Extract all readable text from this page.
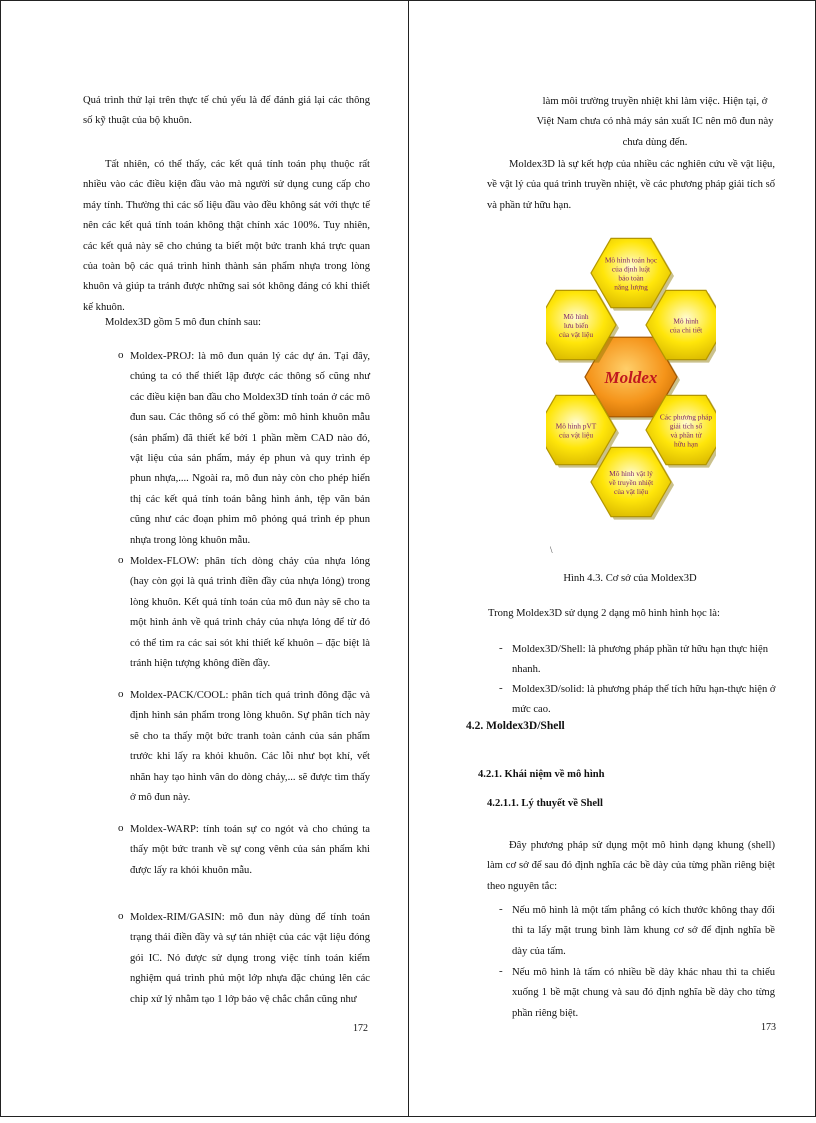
Quá trình thử lại trên thực tế chủ yếu là để đánh giá lại các thông số kỹ thuật của bộ khuôn.

Tất nhiên, có thể thấy, các kết quả tính toán phụ thuộc rất nhiều vào các điều kiện đầu vào mà người sử dụng cung cấp cho máy tính. Thường thì các số liệu đầu vào đều không sát với thực tế nên các kết quả tính toán không thật chính xác 100%. Tuy nhiên, các kết quả này sẽ cho chúng ta biết một bức tranh khá trực quan của toàn bộ các quá trình hình thành sản phẩm nhựa trong lòng khuôn và giúp ta tránh được những sai sót không đáng có khi thiết kế khuôn.

Moldex3D gồm 5 mô đun chính sau:

o Moldex-PROJ: là mô đun quản lý các dự án. Tại đây, chúng ta có thể thiết lập được các thông số cũng như các điều kiện ban đầu cho Moldex3D tính toán ở các mô đun sau. Các thông số có thể gồm: mô hình khuôn mẫu (sản phẩm) đã thiết kế bởi 1 phần mềm CAD nào đó, vật liệu của sản phẩm, máy ép phun và quy trình ép phun nhựa,.... Ngoài ra, mô đun này còn cho phép hiển thị các kết quả tính toán bằng hình ảnh, tệp văn bản cũng như các đoạn phim mô phỏng quá trình ép phun nhựa trong lòng khuôn mẫu.

o Moldex-FLOW: phân tích dòng chảy của nhựa lỏng (hay còn gọi là quá trình điền đầy của nhựa lỏng) trong lòng khuôn. Kết quả tính toán của mô đun này sẽ cho ta một hình ảnh về quá trình chảy của nhựa lỏng để từ đó có thể tìm ra các sai sót khi thiết kế khuôn – đặc biệt là tránh hiện tượng không điền đầy.

o Moldex-PACK/COOL: phân tích quá trình đông đặc và định hình sản phẩm trong lòng khuôn. Sự phân tích này sẽ cho ta thấy một bức tranh toàn cảnh của sản phẩm trước khi lấy ra khỏi khuôn. Các lỗi như bọt khí, vết nhăn hay tạo hình vân do dòng chảy,... sẽ được tìm thấy ở mô đun này.

o Moldex-WARP: tính toán sự co ngót và cho chúng ta thấy một bức tranh về sự cong vênh của sản phẩm khi được lấy ra khỏi khuôn mẫu.

o Moldex-RIM/GASIN: mô đun này dùng để tính toán trạng thái điền đầy và sự tản nhiệt của các vật liệu đóng gói IC. Nó được sử dụng trong việc tính toán kiểm nghiệm quá trình phủ một lớp nhựa đặc chúng lên các chip xử lý nhằm tạo 1 lớp bảo vệ chắc chắn cũng như

172

làm môi trường truyền nhiệt khi làm việc. Hiện tại, ở Việt Nam chưa có nhà máy sản xuất IC nên mô đun này chưa dùng đến.

Moldex3D là sự kết hợp của nhiều các nghiên cứu về vật liệu, về vật lý của quá trình truyền nhiệt, về các phương pháp giải tích số và phần tử hữu hạn.

Moldex
Mô hình toán học của định luật bảo toàn năng lượng
Mô hình lưu biến của vật liệu
Mô hình của chi tiết
Mô hình pVT của vật liệu
Các phương pháp giải tích số và phần tử hữu hạn
Mô hình vật lý về truyền nhiệt của vật liệu
\

Hình 4.3. Cơ sở của Moldex3D

Trong Moldex3D sử dụng 2 dạng mô hình hình học là:

- Moldex3D/Shell: là phương pháp phần tử hữu hạn thực hiện nhanh.

- Moldex3D/solid: là phương pháp thể tích hữu hạn-thực hiện ở mức cao.

4.2. Moldex3D/Shell
4.2.1. Khái niệm về mô hình
4.2.1.1. Lý thuyết về Shell

Đây phương pháp sử dụng một mô hình dạng khung (shell) làm cơ sở để sau đó định nghĩa các bề dày của từng phần riêng biệt theo nguyên tắc:

- Nếu mô hình là một tấm phẳng có kích thước không thay đổi thì ta lấy mặt trung bình làm khung cơ sở để định nghĩa bề dày của tấm.

- Nếu mô hình là tấm có nhiều bề dày khác nhau thì ta chiếu xuống 1 bề mặt chung và sau đó định nghĩa bề dày cho từng phần riêng biệt.

173
